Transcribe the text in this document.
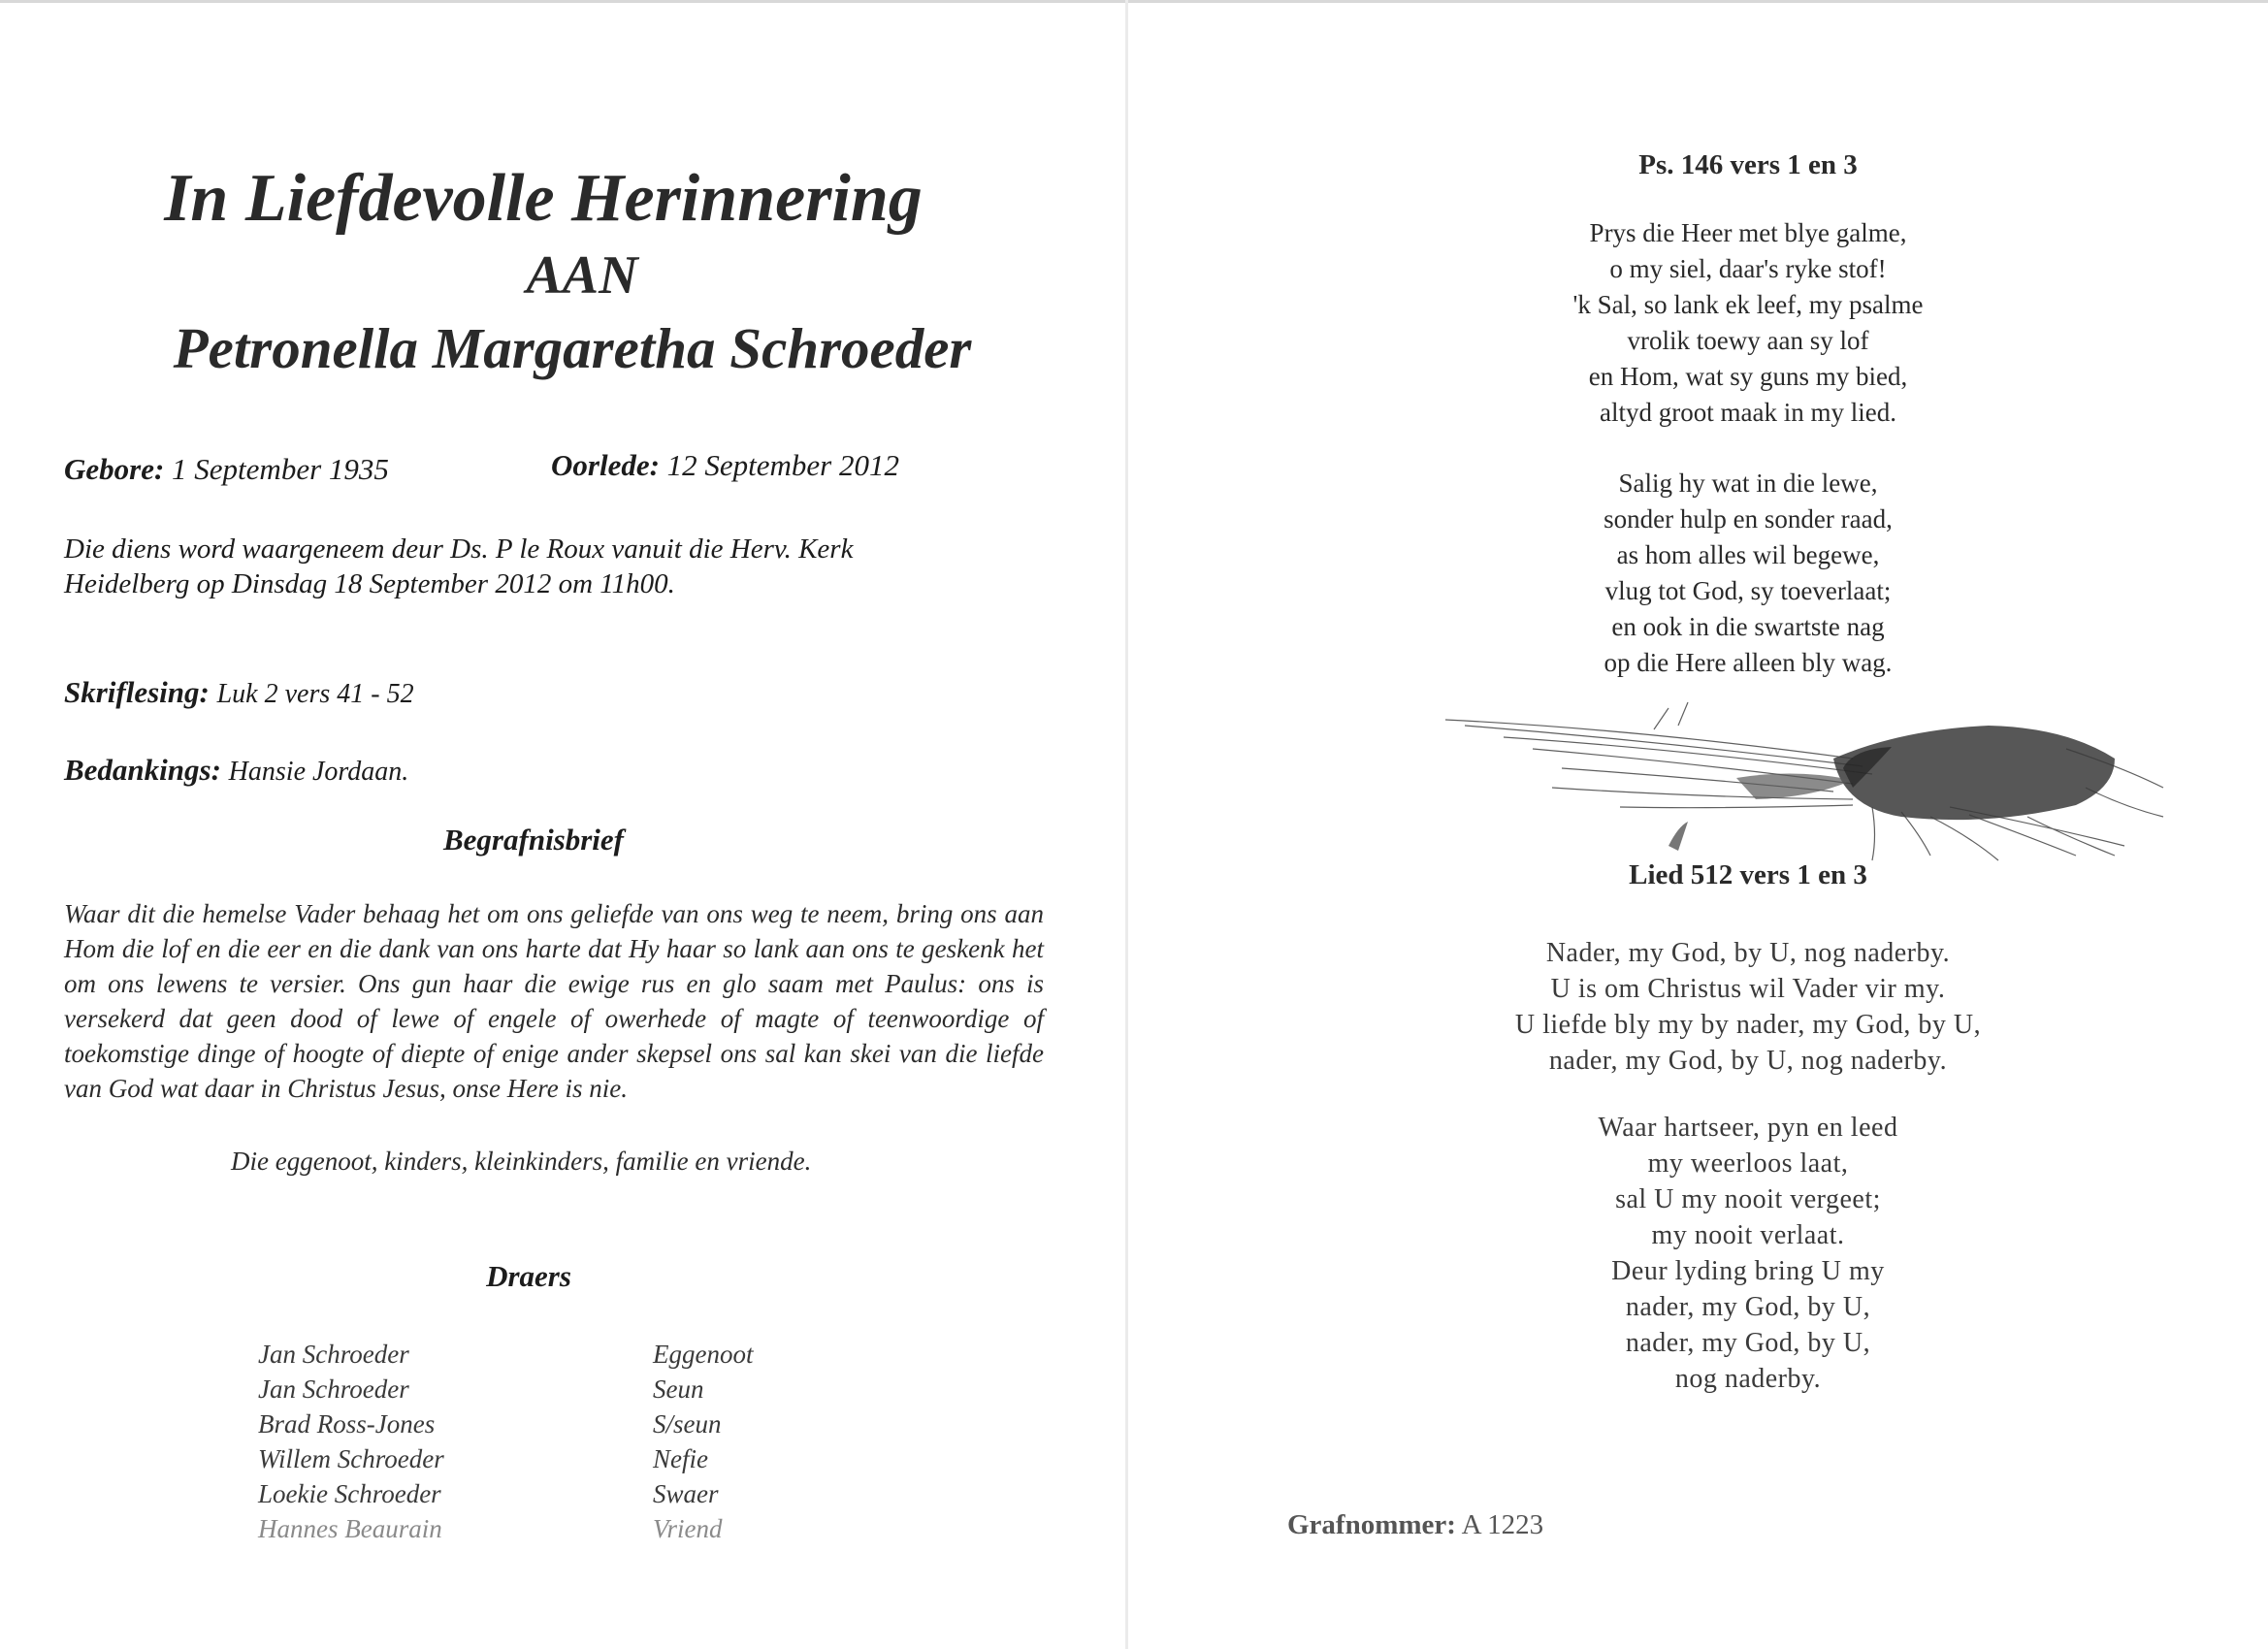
In Liefdevolle Herinnering
AAN
Petronella Margaretha Schroeder
Gebore: 1 September 1935	Oorlede: 12 September 2012
Die diens word waargeneem deur Ds. P le Roux vanuit die Herv. Kerk
Heidelberg op Dinsdag 18 September 2012 om 11h00.
Skriflesing: Luk 2 vers 41 - 52
Bedankings: Hansie Jordaan.
Begrafnisbrief
Waar dit die hemelse Vader behaag het om ons geliefde van ons weg te neem, bring ons aan Hom die lof en die eer en die dank van ons harte dat Hy haar so lank aan ons te geskenk het om ons lewens te versier. Ons gun haar die ewige rus en glo saam met Paulus: ons is versekerd dat geen dood of lewe of engele of owerhede of magte of teenwoordige of toekomstige dinge of hoogte of diepte of enige ander skepsel ons sal kan skei van die liefde van God wat daar in Christus Jesus, onse Here is nie.
Die eggenoot, kinders, kleinkinders, familie en vriende.
Draers
Jan Schroeder	Eggenoot
Jan Schroeder	Seun
Brad Ross-Jones	S/seun
Willem Schroeder	Nefie
Loekie Schroeder	Swaer
Hannes Beaurain	Vriend
Ps. 146 vers 1 en 3
Prys die Heer met blye galme,
o my siel, daar's ryke stof!
'k Sal, so lank ek leef, my psalme
vrolik toewy aan sy lof
en Hom, wat sy guns my bied,
altyd groot maak in my lied.
Salig hy wat in die lewe,
sonder hulp en sonder raad,
as hom alles wil begewe,
vlug tot God, sy toeverlaat;
en ook in die swartste nag
op die Here alleen bly wag.
Lied 512 vers 1 en 3
Nader, my God, by U, nog naderby.
U is om Christus wil Vader vir my.
U liefde bly my by nader, my God, by U,
nader, my God, by U, nog naderby.
Waar hartseer, pyn en leed
my weerloos laat,
sal U my nooit vergeet;
my nooit verlaat.
Deur lyding bring U my
nader, my God, by U,
nader, my God, by U,
nog naderby.
Grafnommer: A 1223
